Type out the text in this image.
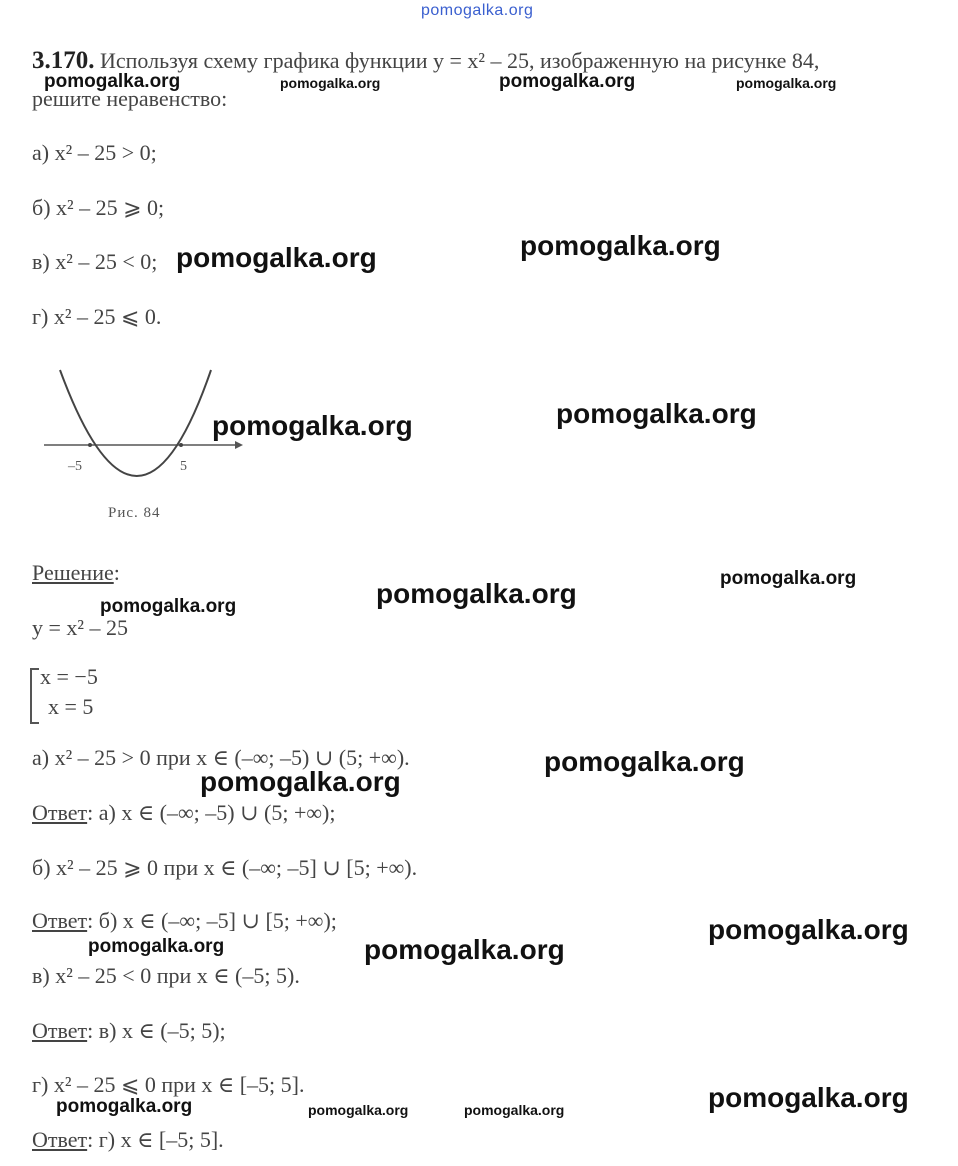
pomogalka.org
3.170. Используя схему графика функции y = x² – 25, изображенную на рисунке 84,
решите неравенство:
а) x² – 25 > 0;
б) x² – 25 ⩾ 0;
в) x² – 25 < 0;
г) x² – 25 ⩽ 0.
–5	5
Рис. 84
Решение:
y = x² – 25
x = −5
x = 5
а) x² – 25 > 0 при x ∈ (–∞; –5) ∪ (5; +∞).
Ответ: а) x ∈ (–∞; –5) ∪ (5; +∞);
б) x² – 25 ⩾ 0 при x ∈ (–∞; –5] ∪ [5; +∞).
Ответ: б) x ∈ (–∞; –5] ∪ [5; +∞);
в) x² – 25 < 0 при x ∈ (–5; 5).
Ответ: в) x ∈ (–5; 5);
г) x² – 25 ⩽ 0 при x ∈ [–5; 5].
Ответ: г) x ∈ [–5; 5].
pomogalka.org	pomogalka.org	pomogalka.org	pomogalka.org
pomogalka.org
pomogalka.org
pomogalka.org
pomogalka.org
pomogalka.org
pomogalka.org
pomogalka.org
pomogalka.org
pomogalka.org
pomogalka.org
pomogalka.org	pomogalka.org
pomogalka.org
pomogalka.org	pomogalka.org	pomogalka.org
